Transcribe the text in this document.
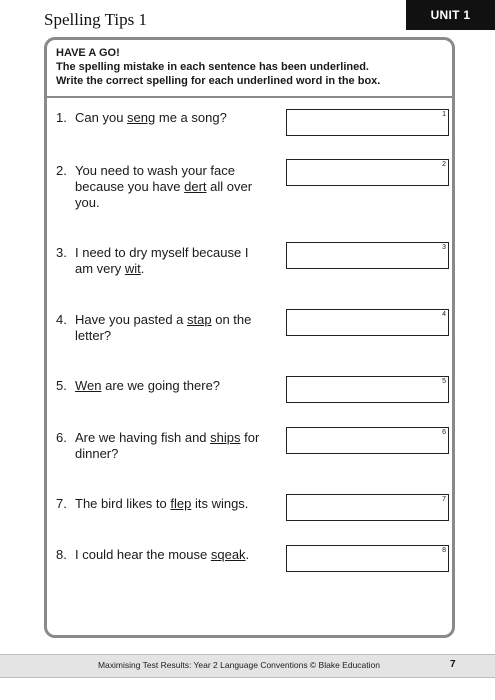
Spelling Tips 1	UNIT 1
HAVE A GO!
The spelling mistake in each sentence has been underlined.
Write the correct spelling for each underlined word in the box.
1. Can you seng me a song?	1
2. You need to wash your face because you have dert all over you.
2
3. I need to dry myself because I am very wit.
3
4. Have you pasted a stap on the letter?
4
5. Wen are we going there?	5
6. Are we having fish and ships for dinner?
6
7. The bird likes to flep its wings.	7
8. I could hear the mouse sqeak.	8
Maximising Test Results: Year 2 Language Conventions © Blake Education	7
